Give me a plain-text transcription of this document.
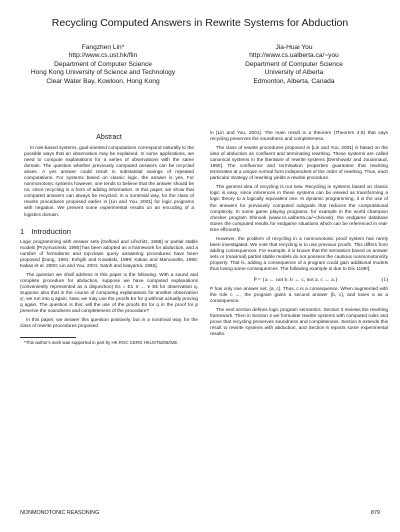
Recycling Computed Answers in Rewrite Systems for Abduction
Fangzhen Lin*
http://www.cs.ust.hk/flin
Department of Computer Science
Hong Kong University of Science and Technology
Clear Water Bay, Kowloon, Hong Kong
Jia-Huai You
http://www.cs.ualberta.ca/~you
Department of Computer Science
University of Alberta
Edmonton, Alberta, Canada
Abstract

In rule-based systems, goal-oriented computations correspond naturally to the possible ways that an observation may be explained. In some applications, we need to compute explanations for a series of observations with the same domain. The question whether previously computed answers can be recycled arises. A yes answer could result in substantial savings of repeated computations. For systems based on classic logic, the answer is yes. For nonmonotonic systems however, one tends to believe that the answer should be no, since recycling is a form of adding information. In this paper, we show that computed answers can always be recycled, in a nontrivial way, for the class of rewrite procedures proposed earlier in [Lin and You, 2001] for logic programs with negation. We present some experimental results on an encoding of a logistics domain.

1 Introduction

Logic programming with answer sets [Gelfond and Lifschitz, 1988] or partial stable models [Przymusinski, 1990] has been adopted as a framework for abduction, and a number of formalisms and top-down query answering procedures have been proposed [Dung, 1991; Eshghi and Kowalski, 1989; Kakas and Mancarella, 1990; Kakas et al. 2000; Lin and You, 2001; Satoh and Iwayama, 1992].

The question we shall address in this paper is the following. With a sound and complete procedure for abduction, suppose we have computed explanations (conveniently represented as a disjunction) Es = E1 ∨ ... ∨ Ek for observation q. Suppose also that in the course of computing explanations for another observation q', we run into q again. Now, we may use the proofs Es for q without actually proving q again. The question is this: will the use of the proofs Es for q in the proof for p preserve the soundness and completeness of the procedure?

In this paper, we answer this question positively, but in a nontrivial way, for the class of rewrite procedures proposed

*This author's work was supported in part by HK RGC CERG HKUST6205/02E.

in [Lin and You, 2001]. The main result is a theorem (Theorem 4.8) that says recycling preserves the soundness and completeness.

The class of rewrite procedures proposed in [Lin and You, 2001] is based on the idea of abduction as confluent and terminating rewriting. These systems are called canonical systems in the literature of rewrite systems [Dershowitz and Jouannaud, 1990]. The confluence and termination properties guarantee that rewriting terminates at a unique normal form independent of the order of rewriting. Thus, each particular strategy of rewriting yields a rewrite procedure.

The general idea of recycling is not new. Recycling in systems based on classic logic is easy, since inferences in these systems can be viewed as transforming a logic theory to a logically equivalent one. In dynamic programming, it is the use of the answers for previously computed subgoals that reduces the computational complexity. In some game playing programs, for example in the world champion checker program Shinook (www.cs.ualberta.ca/~chinook), the endgame database stores the computed results for endgame situations which can be referenced in real-time efficiently.

However, the problem of recycling in a nonmonotonic proof system has rarely been investigated. We note that recycling is to use previous proofs. This differs from adding consequences. For example, it is known that the semantics based on answer sets or (maximal) partial stable models do not possess the cautious nonmonotonicity property. That is, adding a consequence of a program could gain additional models thus losing some consequences. The following example is due to Dix 1199!]:

P = {a ← not b. b ← c, not a. c ← a.}	(1)

P has only one answer set, {a, c}. Thus, c is a consequence. When augmented with the rule c ←, the program gains a second answer {b, c}, and loses a as a consequence.

The next section defines logic program semantics. Section 3 reviews the rewriting framework. Then in Section 4 we formulate rewrite systems with computed rules and prove that recycling preserves soundness and completeness. Section 5 extends this result to rewrite systems with abduction, and Section 6 reports some experimental results.

NONMONOTONIC REASONING	879
